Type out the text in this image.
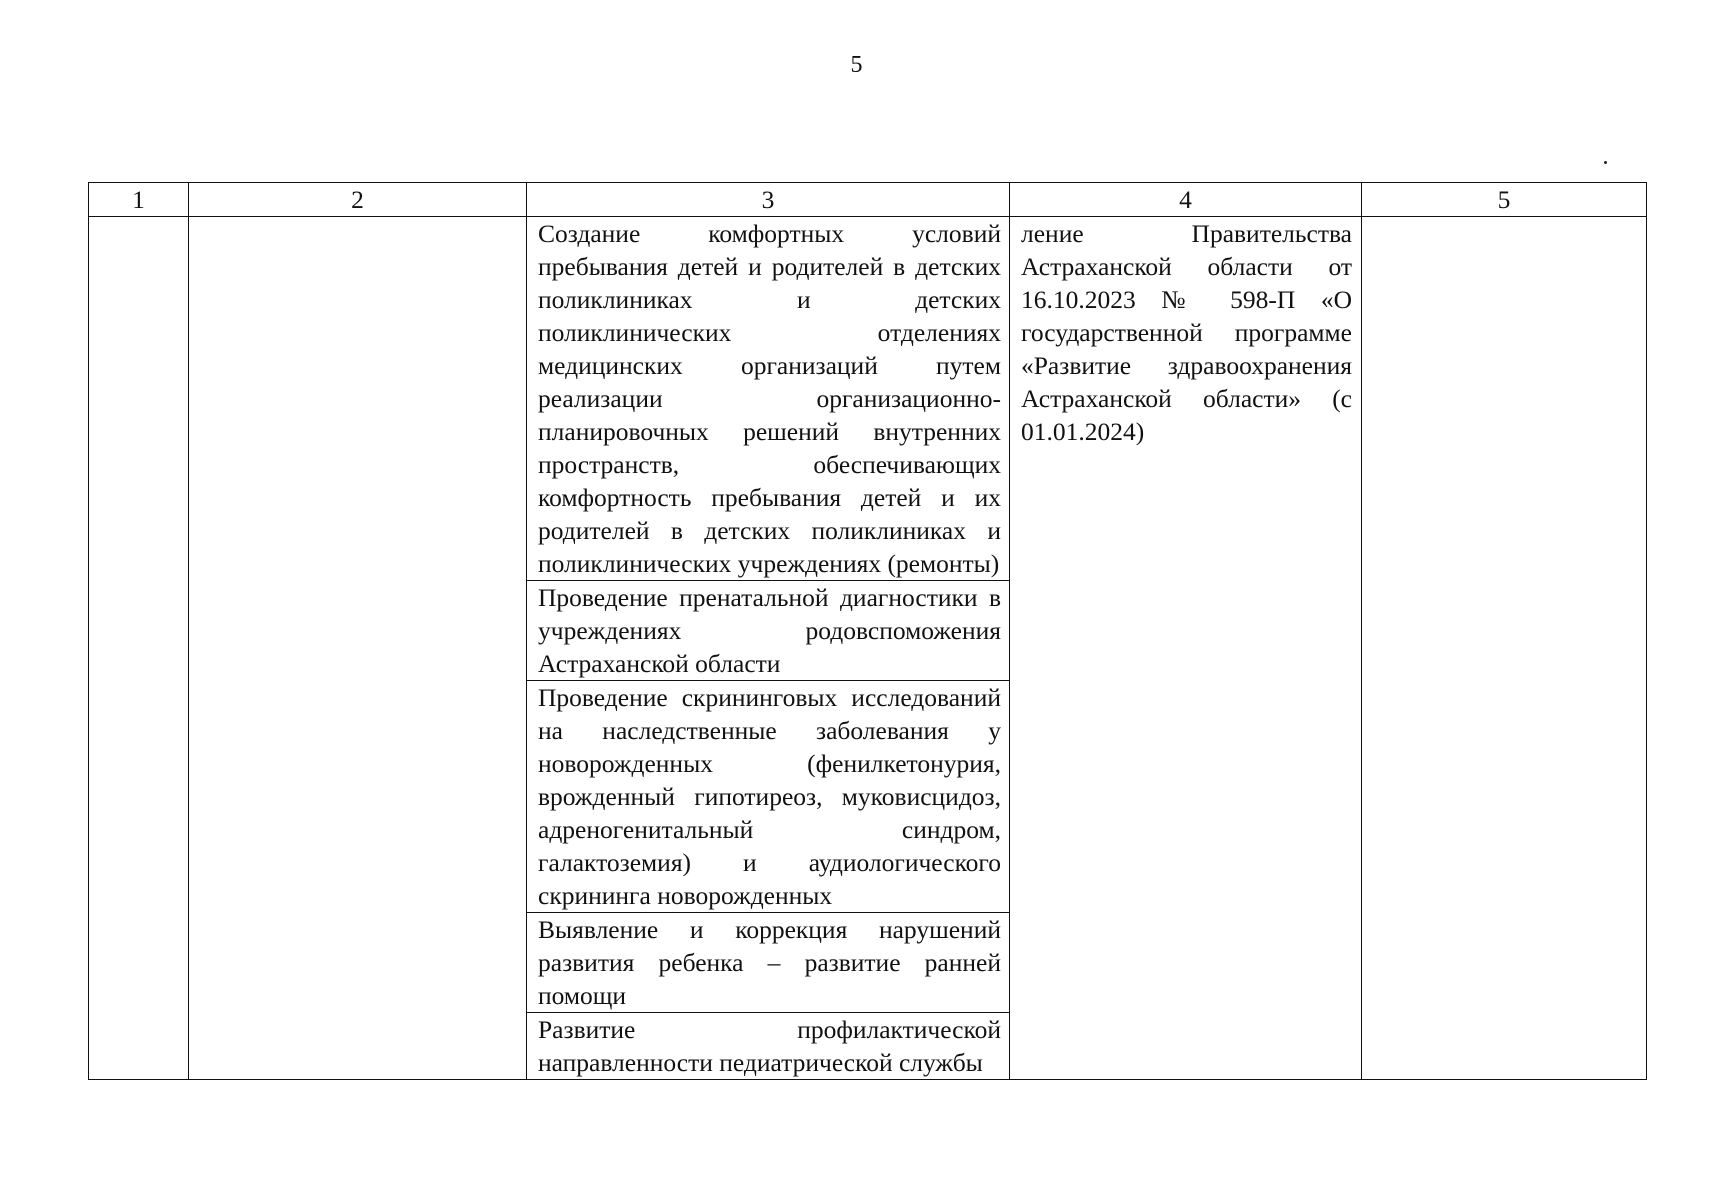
5
1	2	3	4	5

		Создание комфортных условий пребывания детей и родителей в детских поликлиниках и детских поликлинических отделениях медицинских организаций путем реализации организационно-планировочных решений внутренних пространств, обеспечивающих комфортность пребывания детей и их родителей в детских поликлиниках и поликлинических учреждениях (ремонты)	ление Правительства Астраханской области от 16.10.2023 № 598-П «О государственной программе «Развитие здравоохранения Астраханской области» (с 01.01.2024)	

		Проведение пренатальной диагностики в учреждениях родовспоможения Астраханской области		

		Проведение скрининговых исследований на наследственные заболевания у новорожденных (фенилкетонурия, врожденный гипотиреоз, муковисцидоз, адреногенитальный синдром, галактоземия) и аудиологического скрининга новорожденных		

		Выявление и коррекция нарушений развития ребенка – развитие ранней помощи		

		Развитие профилактической направленности педиатрической службы		
